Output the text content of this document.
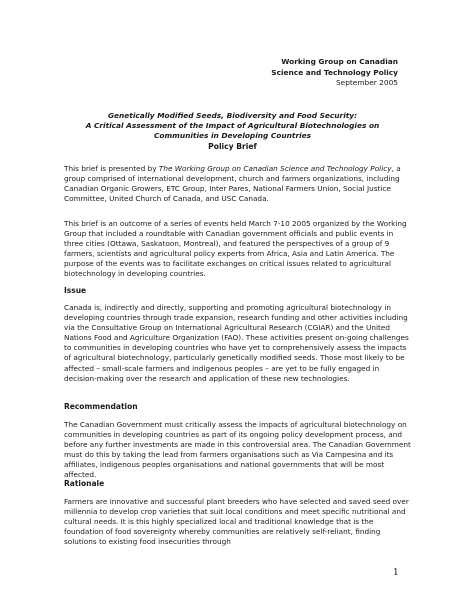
Working Group on Canadian
Science and Technology Policy
September 2005
Genetically Modified Seeds, Biodiversity and Food Security:
A Critical Assessment of the Impact of Agricultural Biotechnologies on
Communities in Developing Countries
Policy Brief

This brief is presented by The Working Group on Canadian Science and Technology Policy, a group comprised of international development, church and farmers organizations, including Canadian Organic Growers, ETC Group, Inter Pares, National Farmers Union, Social Justice Committee, United Church of Canada, and USC Canada.

This brief is an outcome of a series of events held March 7-10 2005 organized by the Working Group that included a roundtable with Canadian government officials and public events in three cities (Ottawa, Saskatoon, Montreal), and featured the perspectives of a group of 9 farmers, scientists and agricultural policy experts from Africa, Asia and Latin America. The purpose of the events was to facilitate exchanges on critical issues related to agricultural biotechnology in developing countries.

Issue

Canada is, indirectly and directly, supporting and promoting agricultural biotechnology in developing countries through trade expansion, research funding and other activities including via the Consultative Group on International Agricultural Research (CGIAR) and the United Nations Food and Agriculture Organization (FAO). These activities present on-going challenges to communities in developing countries who have yet to comprehensively assess the impacts of agricultural biotechnology, particularly genetically modified seeds. Those most likely to be affected – small-scale farmers and indigenous peoples – are yet to be fully engaged in decision-making over the research and application of these new technologies.

Recommendation

The Canadian Government must critically assess the impacts of agricultural biotechnology on communities in developing countries as part of its ongoing policy development process, and before any further investments are made in this controversial area. The Canadian Government must do this by taking the lead from farmers organisations such as Via Campesina and its affiliates, indigenous peoples organisations and national governments that will be most affected.

Rationale

Farmers are innovative and successful plant breeders who have selected and saved seed over millennia to develop crop varieties that suit local conditions and meet specific nutritional and cultural needs. It is this highly specialized local and traditional knowledge that is the foundation of food sovereignty whereby communities are relatively self-reliant, finding solutions to existing food insecurities through

1
